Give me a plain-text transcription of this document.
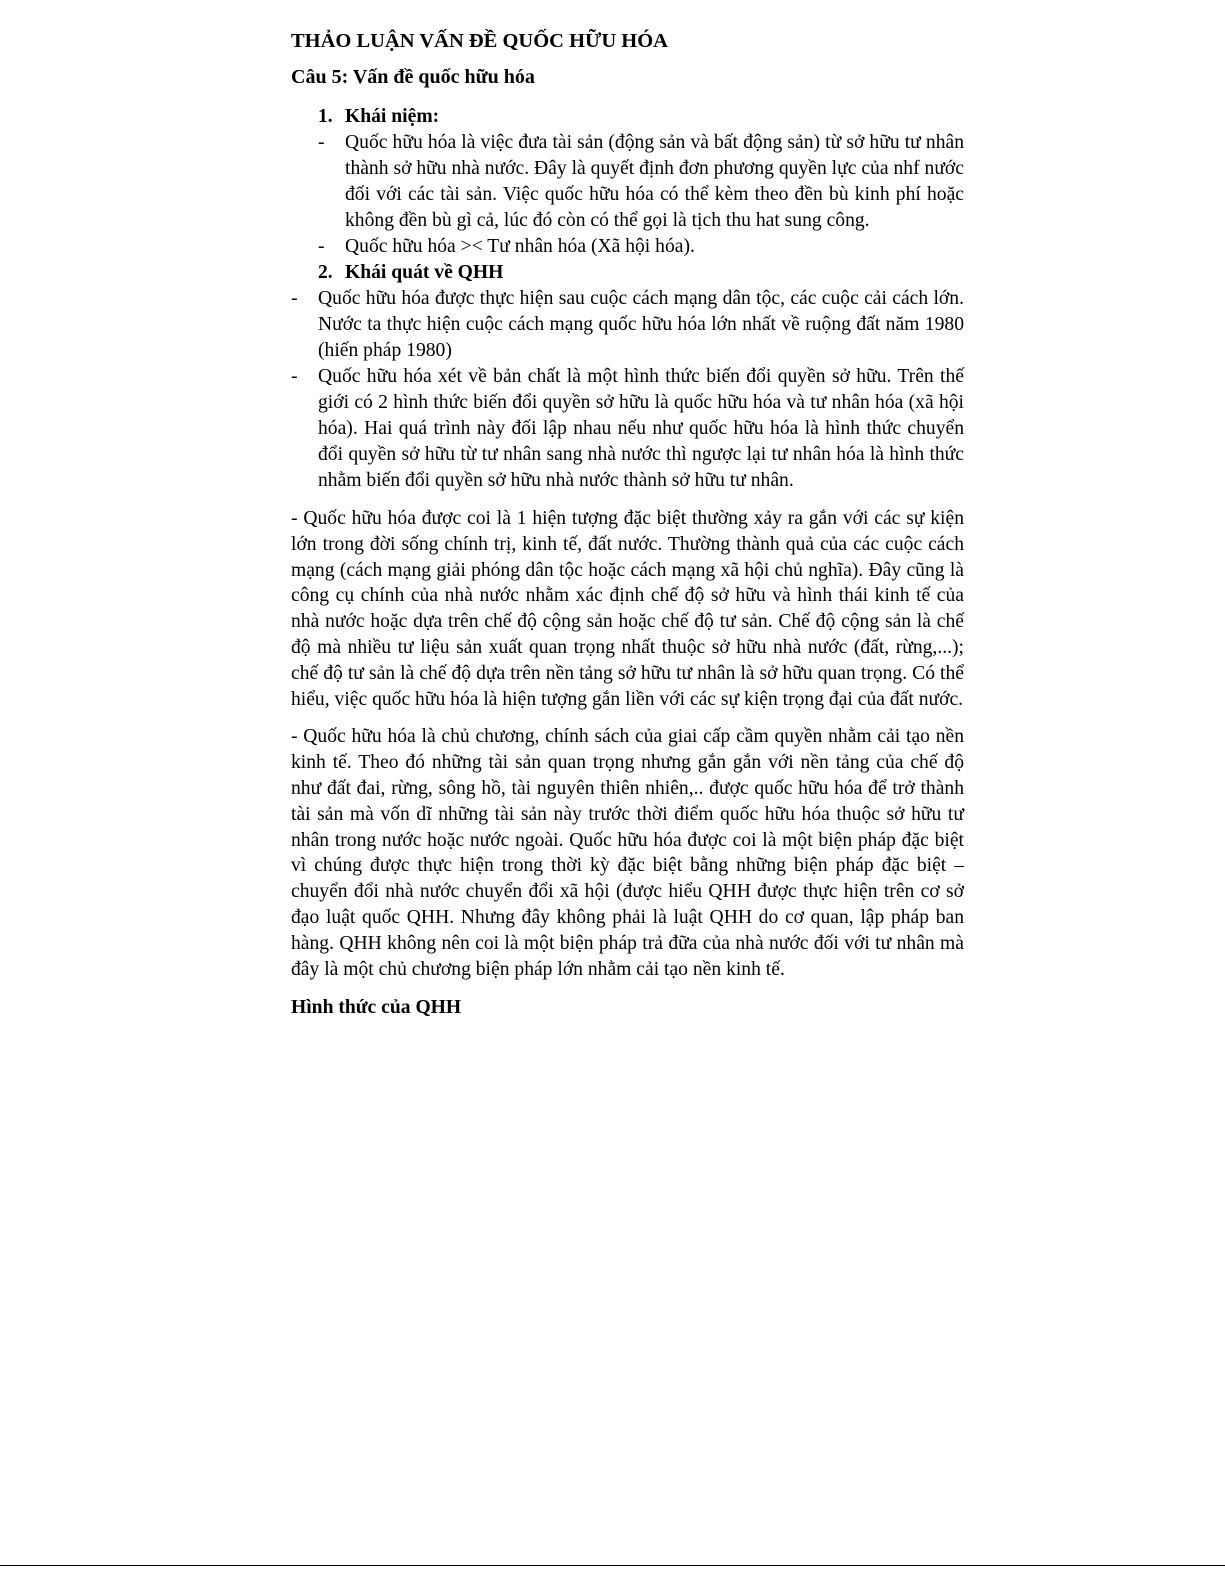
THẢO LUẬN VẤN ĐỀ QUỐC HỮU HÓA
Câu 5: Vấn đề quốc hữu hóa
1. Khái niệm:
- Quốc hữu hóa là việc đưa tài sản (động sản và bất động sản) từ sở hữu tư nhân thành sở hữu nhà nước. Đây là quyết định đơn phương quyền lực của nhf nước đối với các tài sản. Việc quốc hữu hóa có thể kèm theo đền bù kinh phí hoặc không đền bù gì cả, lúc đó còn có thể gọi là tịch thu hat sung công.
- Quốc hữu hóa >< Tư nhân hóa (Xã hội hóa).
2. Khái quát về QHH
- Quốc hữu hóa được thực hiện sau cuộc cách mạng dân tộc, các cuộc cải cách lớn. Nước ta thực hiện cuộc cách mạng quốc hữu hóa lớn nhất về ruộng đất năm 1980 (hiến pháp 1980)
- Quốc hữu hóa xét về bản chất là một hình thức biến đổi quyền sở hữu. Trên thế giới có 2 hình thức biến đổi quyền sở hữu là quốc hữu hóa và tư nhân hóa (xã hội hóa). Hai quá trình này đối lập nhau nếu như quốc hữu hóa là hình thức chuyển đổi quyền sở hữu từ tư nhân sang nhà nước thì ngược lại tư nhân hóa là hình thức nhằm biến đổi quyền sở hữu nhà nước thành sở hữu tư nhân.

- Quốc hữu hóa được coi là 1 hiện tượng đặc biệt thường xảy ra gắn với các sự kiện lớn trong đời sống chính trị, kinh tế, đất nước. Thường thành quả của các cuộc cách mạng (cách mạng giải phóng dân tộc hoặc cách mạng xã hội chủ nghĩa). Đây cũng là công cụ chính của nhà nước nhằm xác định chế độ sở hữu và hình thái kinh tế của nhà nước hoặc dựa trên chế độ cộng sản hoặc chế độ tư sản. Chế độ cộng sản là chế độ mà nhiều tư liệu sản xuất quan trọng nhất thuộc sở hữu nhà nước (đất, rừng,...); chế độ tư sản là chế độ dựa trên nền tảng sở hữu tư nhân là sở hữu quan trọng. Có thể hiểu, việc quốc hữu hóa là hiện tượng gắn liền với các sự kiện trọng đại của đất nước.

- Quốc hữu hóa là chủ chương, chính sách của giai cấp cầm quyền nhằm cải tạo nền kinh tế. Theo đó những tài sản quan trọng nhưng gắn gắn với nền tảng của chế độ như đất đai, rừng, sông hồ, tài nguyên thiên nhiên,.. được quốc hữu hóa để trở thành tài sản mà vốn dĩ những tài sản này trước thời điểm quốc hữu hóa thuộc sở hữu tư nhân trong nước hoặc nước ngoài. Quốc hữu hóa được coi là một biện pháp đặc biệt vì chúng được thực hiện trong thời kỳ đặc biệt bằng những biện pháp đặc biệt – chuyển đổi nhà nước chuyển đổi xã hội (được hiểu QHH được thực hiện trên cơ sở đạo luật quốc QHH. Nhưng đây không phải là luật QHH do cơ quan, lập pháp ban hàng. QHH không nên coi là một biện pháp trả đữa của nhà nước đối với tư nhân mà đây là một chủ chương biện pháp lớn nhằm cải tạo nền kinh tế.

Hình thức của QHH
